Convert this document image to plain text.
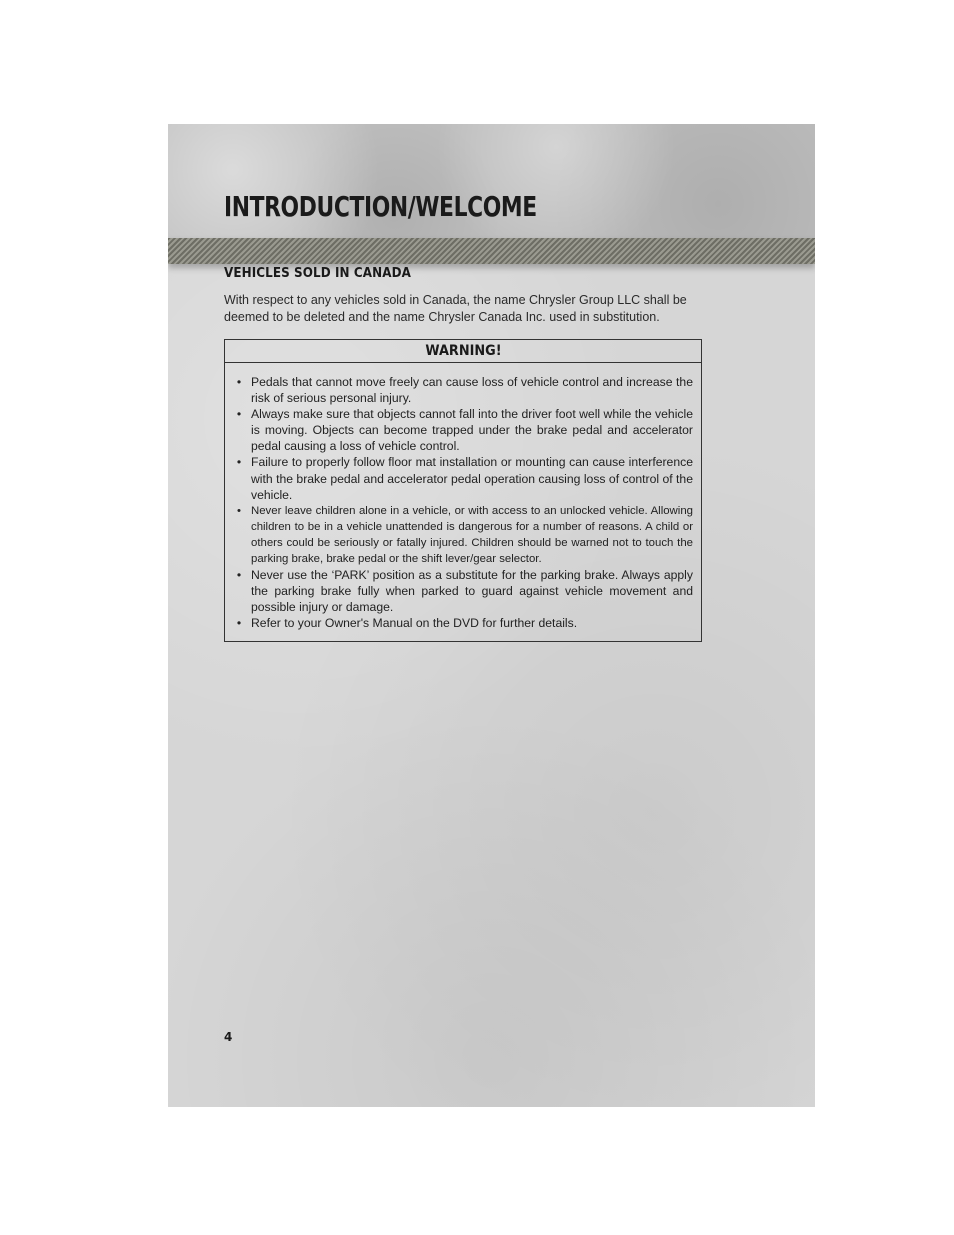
INTRODUCTION/WELCOME
VEHICLES SOLD IN CANADA

With respect to any vehicles sold in Canada, the name Chrysler Group LLC shall be deemed to be deleted and the name Chrysler Canada Inc. used in substitution.

WARNING!
• Pedals that cannot move freely can cause loss of vehicle control and increase the risk of serious personal injury.
• Always make sure that objects cannot fall into the driver foot well while the vehicle is moving. Objects can become trapped under the brake pedal and accelerator pedal causing a loss of vehicle control.
• Failure to properly follow floor mat installation or mounting can cause interference with the brake pedal and accelerator pedal operation causing loss of control of the vehicle.
• Never leave children alone in a vehicle, or with access to an unlocked vehicle. Allowing children to be in a vehicle unattended is dangerous for a number of reasons. A child or others could be seriously or fatally injured. Children should be warned not to touch the parking brake, brake pedal or the shift lever/gear selector.
• Never use the ‘PARK’ position as a substitute for the parking brake. Always apply the parking brake fully when parked to guard against vehicle movement and possible injury or damage.
• Refer to your Owner's Manual on the DVD for further details.
4
